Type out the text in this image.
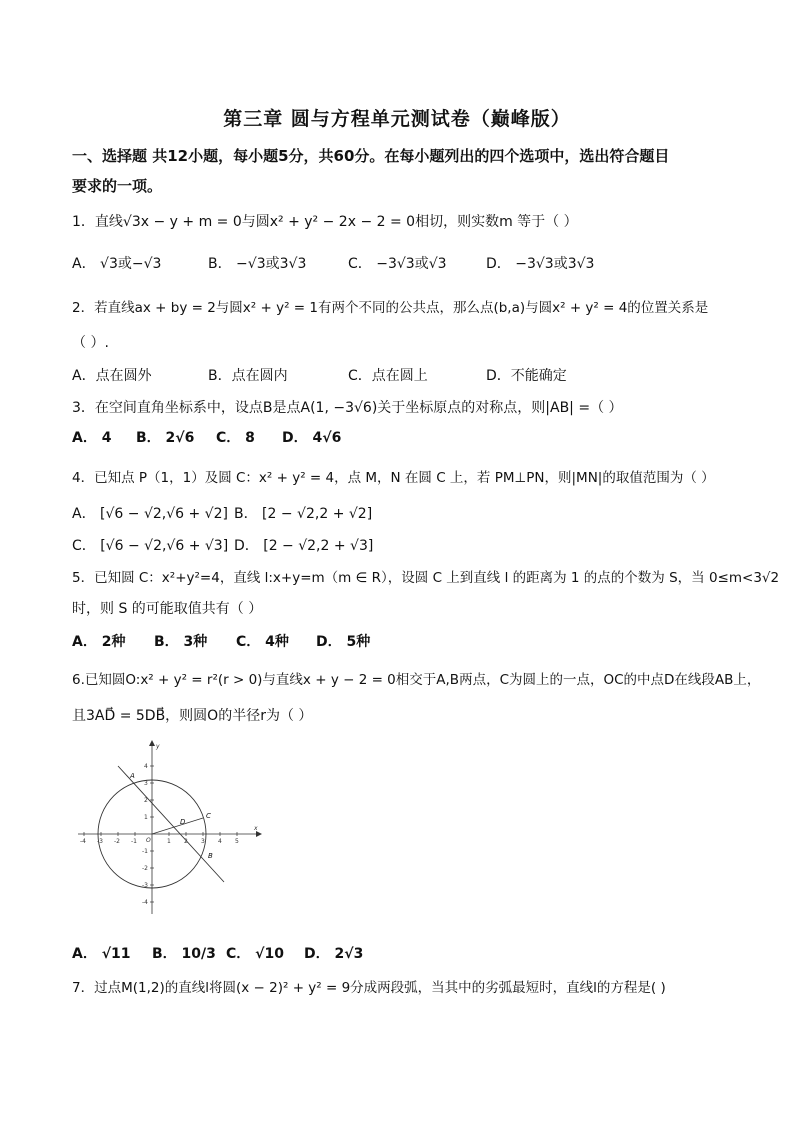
第三章 圆与方程单元测试卷（巅峰版）
一、选择题 共12小题，每小题5分，共60分。在每小题列出的四个选项中，选出符合题目
要求的一项。
1．直线√3x − y + m = 0与圆x² + y² − 2x − 2 = 0相切，则实数m 等于（ ）
A． √3或−√3	B． −√3或3√3	C． −3√3或√3	D． −3√3或3√3
2．若直线ax + by = 2与圆x² + y² = 1有两个不同的公共点，那么点(b,a)与圆x² + y² = 4的位置关系是
（ ）.
A．点在圆外	B．点在圆内	C．点在圆上	D．不能确定
3．在空间直角坐标系中，设点B是点A(1, −3√6)关于坐标原点的对称点，则|AB| =（ ）
A． 4 B． 2√6 C． 8 D． 4√6
4．已知点 P（1，1）及圆 C：x² + y² = 4，点 M，N 在圆 C 上，若 PM⊥PN，则|MN|的取值范围为（ ）
A． [√6 − √2,√6 + √2] B． [2 − √2,2 + √2]
C． [√6 − √2,√6 + √3] D． [2 − √2,2 + √3]
5．已知圆 C：x²+y²=4，直线 l:x+y=m（m ∈ R），设圆 C 上到直线 l 的距离为 1 的点的个数为 S，当 0≤m<3√2
时，则 S 的可能取值共有（ ）
A． 2种 B． 3种 C． 4种 D． 5种
6.已知圆O:x² + y² = r²(r > 0)与直线x + y − 2 = 0相交于A,B两点，C为圆上的一点，OC的中点D在线段AB上，
且3AD⃗ = 5DB⃗，则圆O的半径r为（ ）
-4 -3 -2 -1	1 2 3 4 5
4
3
2
1
-1
-2
-3
-4
O
x
y
A
B
C
D
A． √11 B． 10/3 C． √10 D． 2√3
7．过点M(1,2)的直线l将圆(x − 2)² + y² = 9分成两段弧，当其中的劣弧最短时，直线l的方程是( )
